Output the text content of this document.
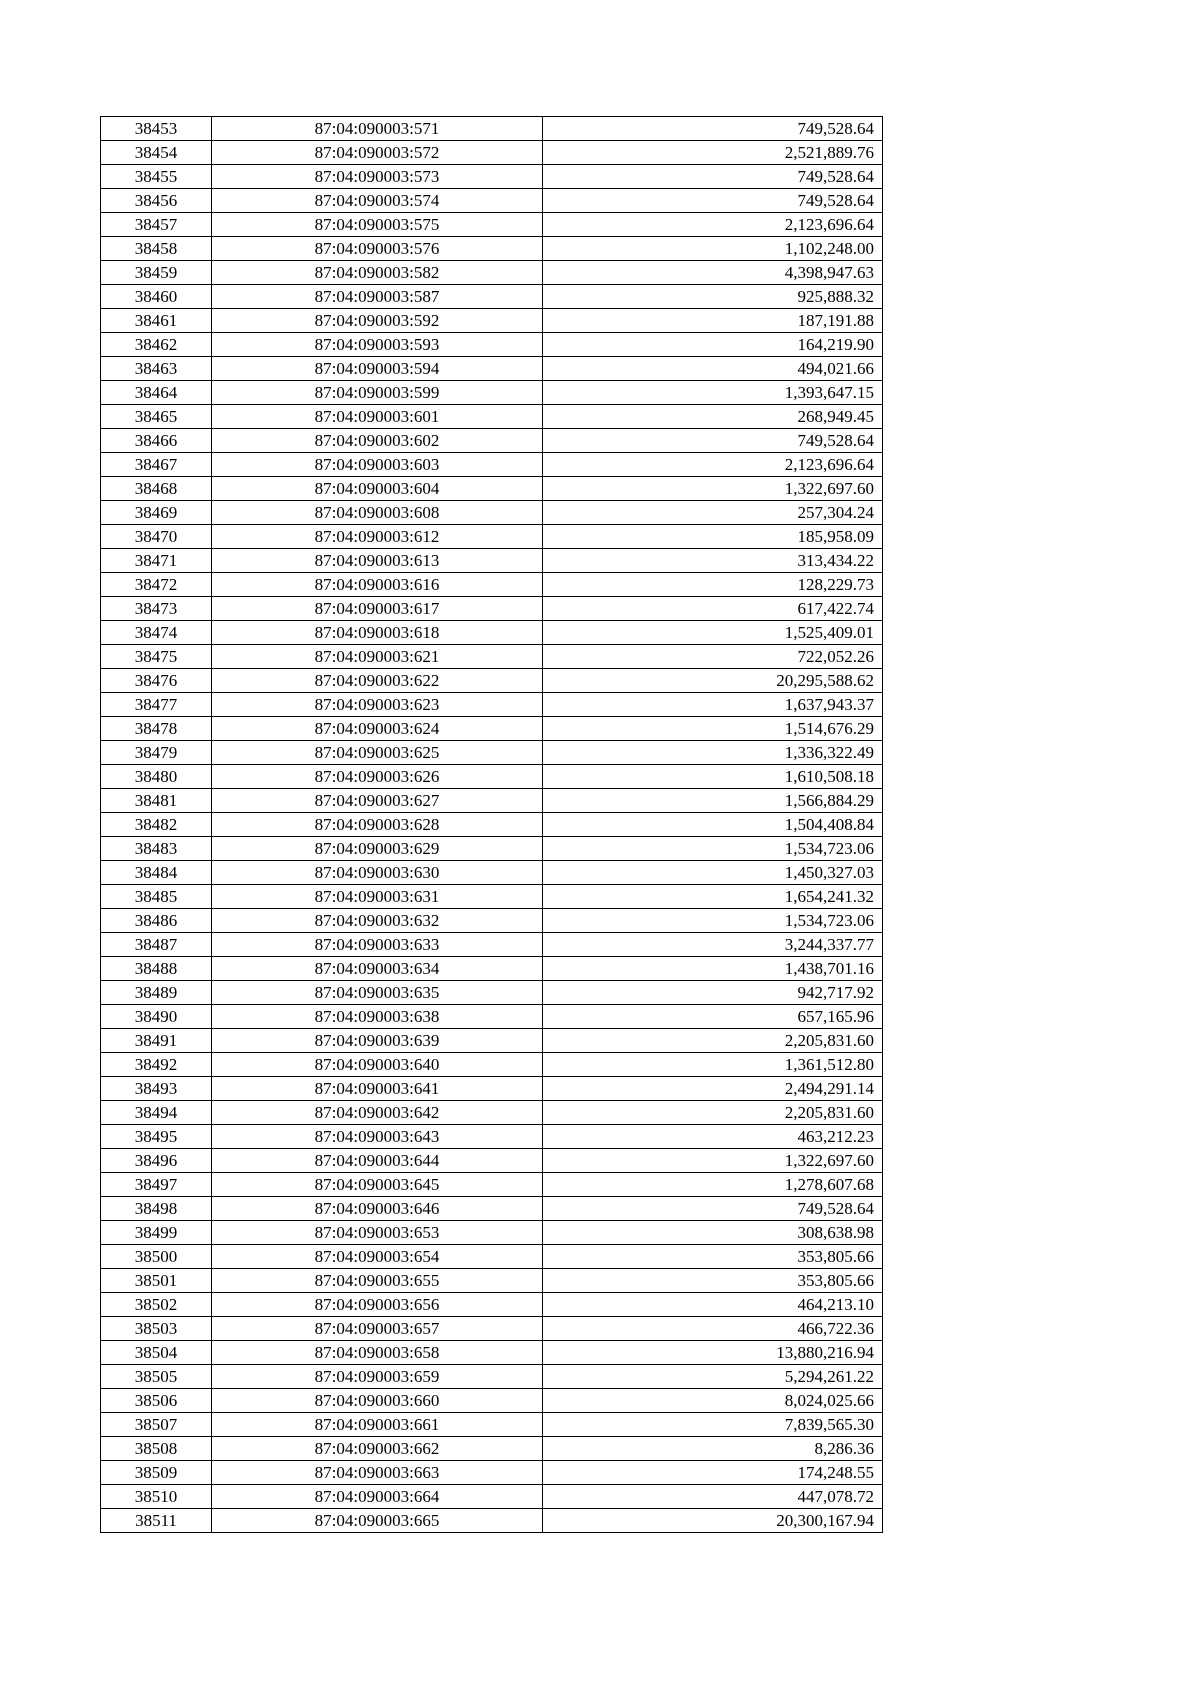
38453	87:04:090003:571	749,528.64
38454	87:04:090003:572	2,521,889.76
38455	87:04:090003:573	749,528.64
38456	87:04:090003:574	749,528.64
38457	87:04:090003:575	2,123,696.64
38458	87:04:090003:576	1,102,248.00
38459	87:04:090003:582	4,398,947.63
38460	87:04:090003:587	925,888.32
38461	87:04:090003:592	187,191.88
38462	87:04:090003:593	164,219.90
38463	87:04:090003:594	494,021.66
38464	87:04:090003:599	1,393,647.15
38465	87:04:090003:601	268,949.45
38466	87:04:090003:602	749,528.64
38467	87:04:090003:603	2,123,696.64
38468	87:04:090003:604	1,322,697.60
38469	87:04:090003:608	257,304.24
38470	87:04:090003:612	185,958.09
38471	87:04:090003:613	313,434.22
38472	87:04:090003:616	128,229.73
38473	87:04:090003:617	617,422.74
38474	87:04:090003:618	1,525,409.01
38475	87:04:090003:621	722,052.26
38476	87:04:090003:622	20,295,588.62
38477	87:04:090003:623	1,637,943.37
38478	87:04:090003:624	1,514,676.29
38479	87:04:090003:625	1,336,322.49
38480	87:04:090003:626	1,610,508.18
38481	87:04:090003:627	1,566,884.29
38482	87:04:090003:628	1,504,408.84
38483	87:04:090003:629	1,534,723.06
38484	87:04:090003:630	1,450,327.03
38485	87:04:090003:631	1,654,241.32
38486	87:04:090003:632	1,534,723.06
38487	87:04:090003:633	3,244,337.77
38488	87:04:090003:634	1,438,701.16
38489	87:04:090003:635	942,717.92
38490	87:04:090003:638	657,165.96
38491	87:04:090003:639	2,205,831.60
38492	87:04:090003:640	1,361,512.80
38493	87:04:090003:641	2,494,291.14
38494	87:04:090003:642	2,205,831.60
38495	87:04:090003:643	463,212.23
38496	87:04:090003:644	1,322,697.60
38497	87:04:090003:645	1,278,607.68
38498	87:04:090003:646	749,528.64
38499	87:04:090003:653	308,638.98
38500	87:04:090003:654	353,805.66
38501	87:04:090003:655	353,805.66
38502	87:04:090003:656	464,213.10
38503	87:04:090003:657	466,722.36
38504	87:04:090003:658	13,880,216.94
38505	87:04:090003:659	5,294,261.22
38506	87:04:090003:660	8,024,025.66
38507	87:04:090003:661	7,839,565.30
38508	87:04:090003:662	8,286.36
38509	87:04:090003:663	174,248.55
38510	87:04:090003:664	447,078.72
38511	87:04:090003:665	20,300,167.94
